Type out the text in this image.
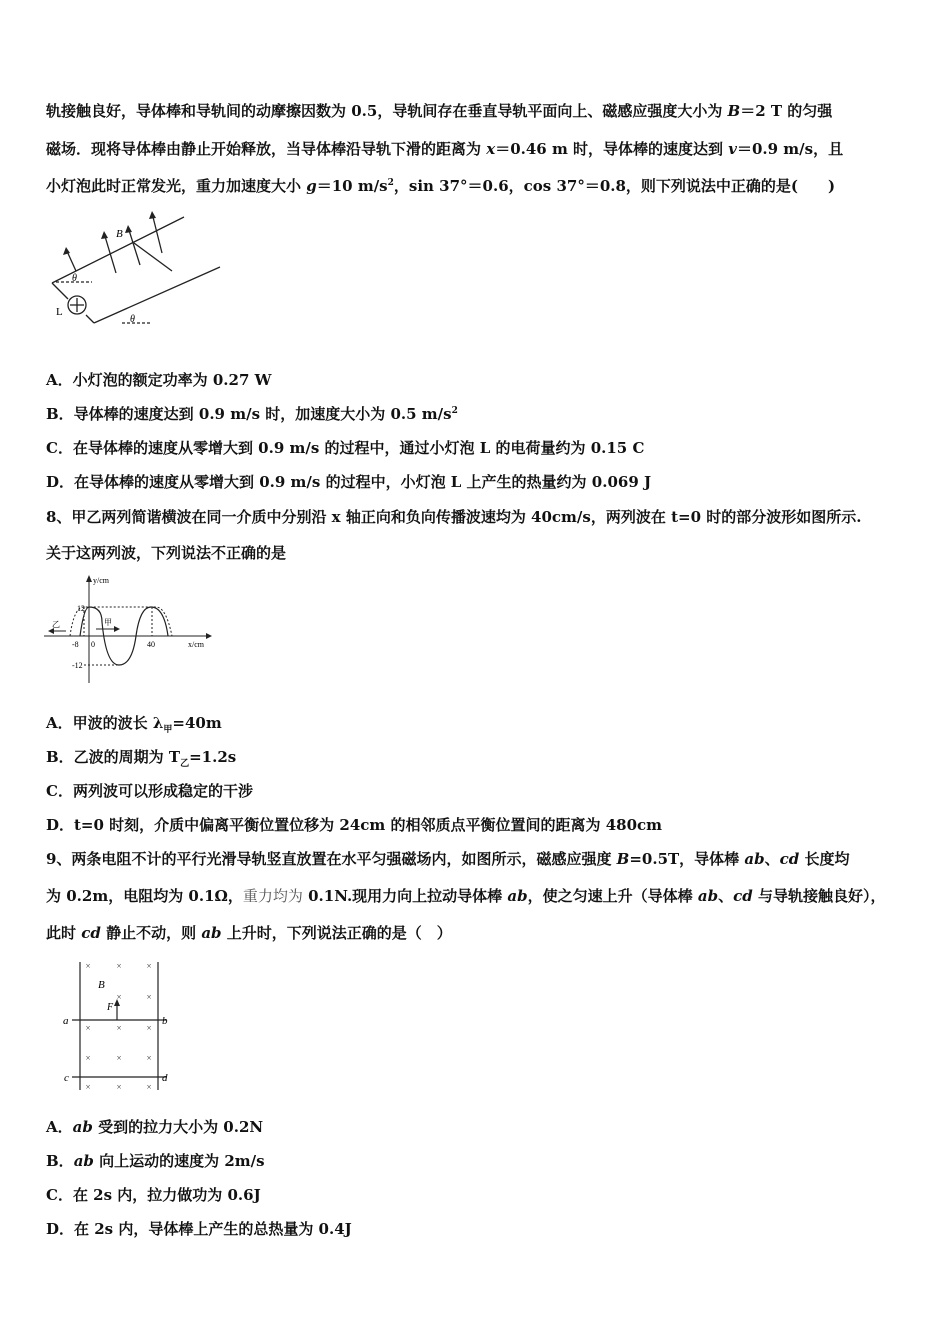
轨接触良好，导体棒和导轨间的动摩擦因数为 0.5，导轨间存在垂直导轨平面向上、磁感应强度大小为 B＝2 T 的匀强
磁场．现将导体棒由静止开始释放，当导体棒沿导轨下滑的距离为 x＝0.46 m 时，导体棒的速度达到 v＝0.9 m/s，且
小灯泡此时正常发光，重力加速度大小 g＝10 $m/s^2$，sin 37°＝0.6，cos 37°＝0.8，则下列说法中正确的是(　　)
B
θ
θ
L
A．小灯泡的额定功率为 0.27 W
B．导体棒的速度达到 0.9 m/s 时，加速度大小为 0.5 $m/s^2$
C．在导体棒的速度从零增大到 0.9 m/s 的过程中，通过小灯泡 L 的电荷量约为 0.15 C
D．在导体棒的速度从零增大到 0.9 m/s 的过程中，小灯泡 L 上产生的热量约为 0.069 J
8、甲乙两列简谐横波在同一介质中分别沿 x 轴正向和负向传播波速均为 40cm/s，两列波在 t=0 时的部分波形如图所示.
关于这两列波，下列说法不正确的是
y/cm
x/cm
12
-12
-8 0	40
乙	甲
A．甲波的波长 $\lambda_甲=40m$
B．乙波的周期为 $T_乙=1.2s$
C．两列波可以形成稳定的干涉
D．t=0 时刻，介质中偏离平衡位置位移为 24cm 的相邻质点平衡位置间的距离为 480cm
9、两条电阻不计的平行光滑导轨竖直放置在水平匀强磁场内，如图所示，磁感应强度 B=0.5T，导体棒 ab、cd 长度均
为 0.2m，电阻均为 0.1Ω，重力均为 0.1N.现用力向上拉动导体棒 ab，使之匀速上升（导体棒 ab、cd 与导轨接触良好），
此时 cd 静止不动，则 ab 上升时，下列说法正确的是（　）
×	×	×
×	×
×	×	×
×	×	×
×	×	×
B
F
a	b
c	d
A．ab 受到的拉力大小为 0.2N
B．ab 向上运动的速度为 2m/s
C．在 2s 内，拉力做功为 0.6J
D．在 2s 内，导体棒上产生的总热量为 0.4J
